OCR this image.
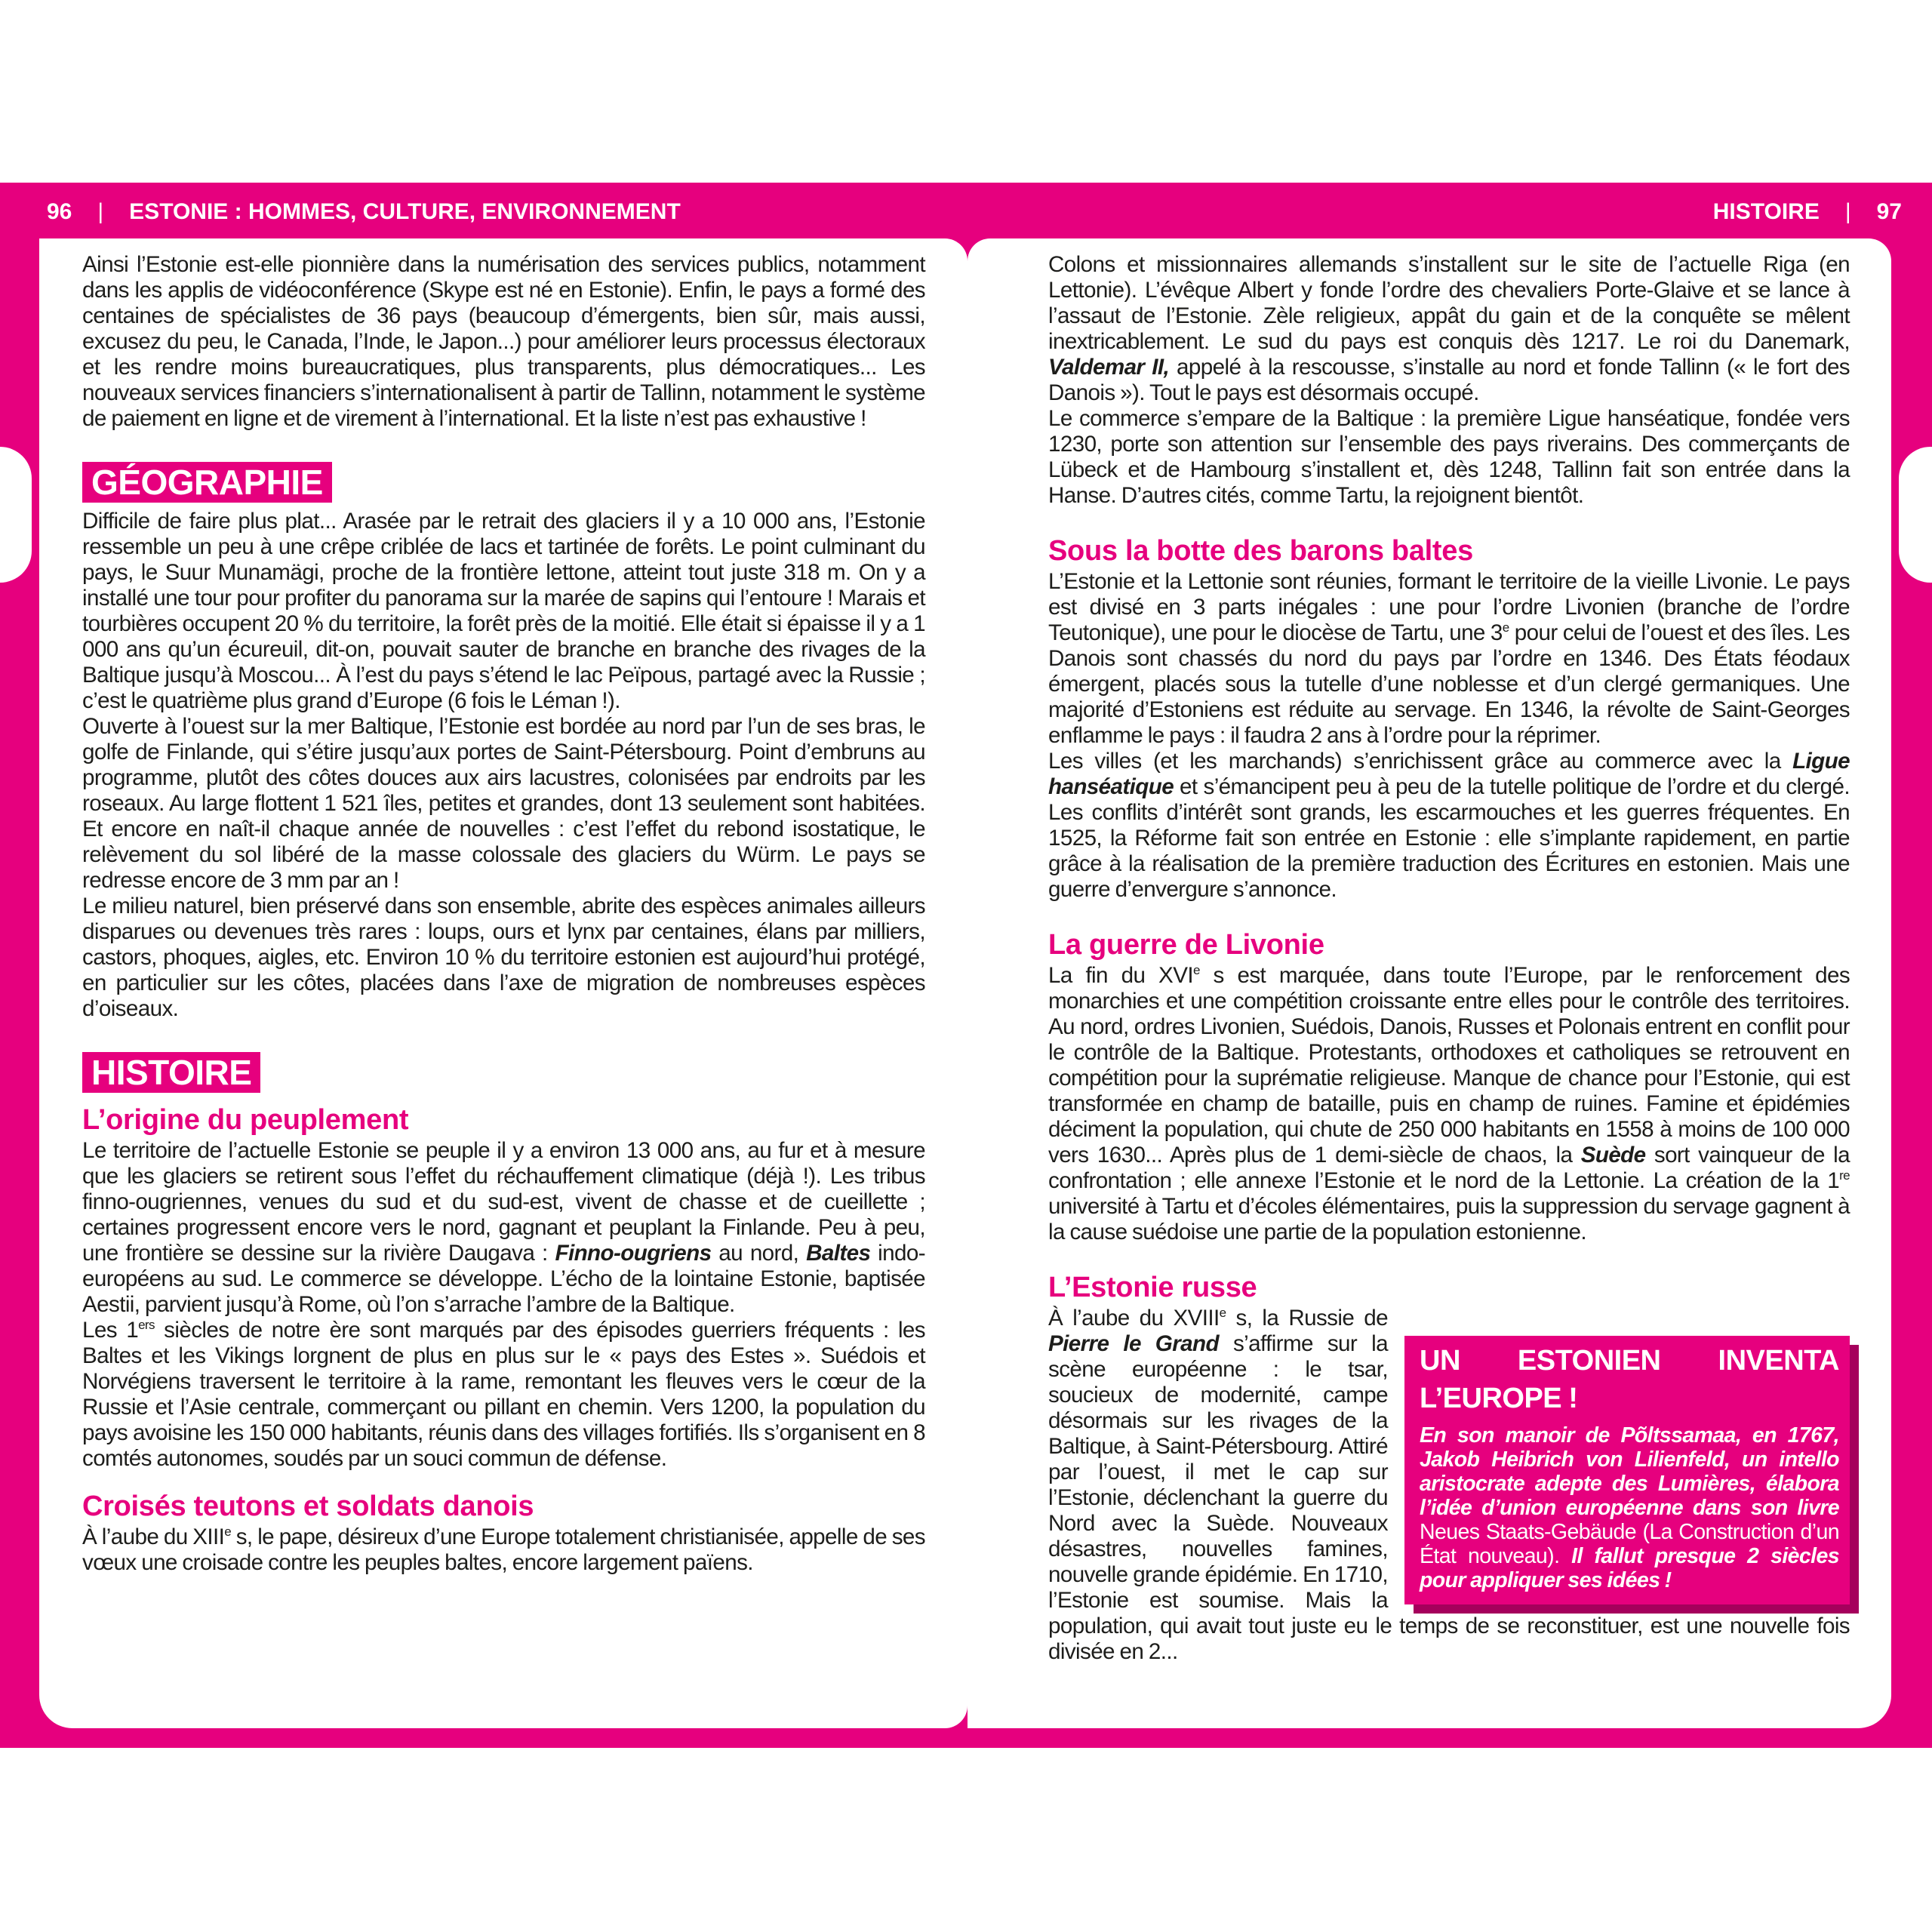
96 | ESTONIE : HOMMES, CULTURE, ENVIRONNEMENT	HISTOIRE | 97

Ainsi l’Estonie est-elle pionnière dans la numérisation des services publics, notamment dans les applis de vidéoconférence (Skype est né en Estonie). Enfin, le pays a formé des centaines de spécialistes de 36 pays (beaucoup d’émergents, bien sûr, mais aussi, excusez du peu, le Canada, l’Inde, le Japon...) pour améliorer leurs processus électoraux et les rendre moins bureaucratiques, plus transparents, plus démocratiques... Les nouveaux services financiers s’internationalisent à partir de Tallinn, notamment le système de paiement en ligne et de virement à l’international. Et la liste n’est pas exhaustive !

GÉOGRAPHIE

Difficile de faire plus plat... Arasée par le retrait des glaciers il y a 10 000 ans, l’Estonie ressemble un peu à une crêpe criblée de lacs et tartinée de forêts. Le point culminant du pays, le Suur Munamägi, proche de la frontière lettone, atteint tout juste 318 m. On y a installé une tour pour profiter du panorama sur la marée de sapins qui l’entoure ! Marais et tourbières occupent 20 % du territoire, la forêt près de la moitié. Elle était si épaisse il y a 1 000 ans qu’un écureuil, dit-on, pouvait sauter de branche en branche des rivages de la Baltique jusqu’à Moscou... À l’est du pays s’étend le lac Peïpous, partagé avec la Russie ; c’est le quatrième plus grand d’Europe (6 fois le Léman !).

Ouverte à l’ouest sur la mer Baltique, l’Estonie est bordée au nord par l’un de ses bras, le golfe de Finlande, qui s’étire jusqu’aux portes de Saint-Pétersbourg. Point d’embruns au programme, plutôt des côtes douces aux airs lacustres, colonisées par endroits par les roseaux. Au large flottent 1 521 îles, petites et grandes, dont 13 seulement sont habitées. Et encore en naît-il chaque année de nouvelles : c’est l’effet du rebond isostatique, le relèvement du sol libéré de la masse colossale des glaciers du Würm. Le pays se redresse encore de 3 mm par an !

Le milieu naturel, bien préservé dans son ensemble, abrite des espèces animales ailleurs disparues ou devenues très rares : loups, ours et lynx par centaines, élans par milliers, castors, phoques, aigles, etc. Environ 10 % du territoire estonien est aujourd’hui protégé, en particulier sur les côtes, placées dans l’axe de migration de nombreuses espèces d’oiseaux.

HISTOIRE
L’origine du peuplement

Le territoire de l’actuelle Estonie se peuple il y a environ 13 000 ans, au fur et à mesure que les glaciers se retirent sous l’effet du réchauffement climatique (déjà !). Les tribus finno-ougriennes, venues du sud et du sud-est, vivent de chasse et de cueillette ; certaines progressent encore vers le nord, gagnant et peuplant la Finlande. Peu à peu, une frontière se dessine sur la rivière Daugava : Finno-ougriens au nord, Baltes indo-européens au sud. Le commerce se développe. L’écho de la lointaine Estonie, baptisée Aestii, parvient jusqu’à Rome, où l’on s’arrache l’ambre de la Baltique.

Les 1ers siècles de notre ère sont marqués par des épisodes guerriers fréquents : les Baltes et les Vikings lorgnent de plus en plus sur le « pays des Estes ». Suédois et Norvégiens traversent le territoire à la rame, remontant les fleuves vers le cœur de la Russie et l’Asie centrale, commerçant ou pillant en chemin. Vers 1200, la population du pays avoisine les 150 000 habitants, réunis dans des villages fortifiés. Ils s’organisent en 8 comtés autonomes, soudés par un souci commun de défense.

Croisés teutons et soldats danois

À l’aube du XIIIe s, le pape, désireux d’une Europe totalement christianisée, appelle de ses vœux une croisade contre les peuples baltes, encore largement païens.

Colons et missionnaires allemands s’installent sur le site de l’actuelle Riga (en Lettonie). L’évêque Albert y fonde l’ordre des chevaliers Porte-Glaive et se lance à l’assaut de l’Estonie. Zèle religieux, appât du gain et de la conquête se mêlent inextricablement. Le sud du pays est conquis dès 1217. Le roi du Danemark, Valdemar II, appelé à la rescousse, s’installe au nord et fonde Tallinn (« le fort des Danois »). Tout le pays est désormais occupé.

Le commerce s’empare de la Baltique : la première Ligue hanséatique, fondée vers 1230, porte son attention sur l’ensemble des pays riverains. Des commerçants de Lübeck et de Hambourg s’installent et, dès 1248, Tallinn fait son entrée dans la Hanse. D’autres cités, comme Tartu, la rejoignent bientôt.

Sous la botte des barons baltes

L’Estonie et la Lettonie sont réunies, formant le territoire de la vieille Livonie. Le pays est divisé en 3 parts inégales : une pour l’ordre Livonien (branche de l’ordre Teutonique), une pour le diocèse de Tartu, une 3e pour celui de l’ouest et des îles. Les Danois sont chassés du nord du pays par l’ordre en 1346. Des États féodaux émergent, placés sous la tutelle d’une noblesse et d’un clergé germaniques. Une majorité d’Estoniens est réduite au servage. En 1346, la révolte de Saint-Georges enflamme le pays : il faudra 2 ans à l’ordre pour la réprimer.

Les villes (et les marchands) s’enrichissent grâce au commerce avec la Ligue hanséatique et s’émancipent peu à peu de la tutelle politique de l’ordre et du clergé. Les conflits d’intérêt sont grands, les escarmouches et les guerres fréquentes. En 1525, la Réforme fait son entrée en Estonie : elle s’implante rapidement, en partie grâce à la réalisation de la première traduction des Écritures en estonien. Mais une guerre d’envergure s’annonce.

La guerre de Livonie

La fin du XVIe s est marquée, dans toute l’Europe, par le renforcement des monarchies et une compétition croissante entre elles pour le contrôle des territoires. Au nord, ordres Livonien, Suédois, Danois, Russes et Polonais entrent en conflit pour le contrôle de la Baltique. Protestants, orthodoxes et catholiques se retrouvent en compétition pour la suprématie religieuse. Manque de chance pour l’Estonie, qui est transformée en champ de bataille, puis en champ de ruines. Famine et épidémies déciment la population, qui chute de 250 000 habitants en 1558 à moins de 100 000 vers 1630... Après plus de 1 demi-siècle de chaos, la Suède sort vainqueur de la confrontation ; elle annexe l’Estonie et le nord de la Lettonie. La création de la 1re université à Tartu et d’écoles élémentaires, puis la suppression du servage gagnent à la cause suédoise une partie de la population estonienne.

L’Estonie russe

UN ESTONIEN INVENTA L’EUROPE !
En son manoir de Põltssamaa, en 1767, Jakob Heibrich von Lilienfeld, un intello aristocrate adepte des Lumières, élabora l’idée d’union européenne dans son livre Neues Staats-Gebäude (La Construction d’un État nouveau). Il fallut presque 2 siècles pour appliquer ses idées !
À l’aube du XVIIIe s, la Russie de Pierre le Grand s’affirme sur la scène européenne : le tsar, soucieux de modernité, campe désormais sur les rivages de la Baltique, à Saint-Pétersbourg. Attiré par l’ouest, il met le cap sur l’Estonie, déclenchant la guerre du Nord avec la Suède. Nouveaux désastres, nouvelles famines, nouvelle grande épidémie. En 1710, l’Estonie est soumise. Mais la population, qui avait tout juste eu le temps de se reconstituer, est une nouvelle fois divisée en 2...
